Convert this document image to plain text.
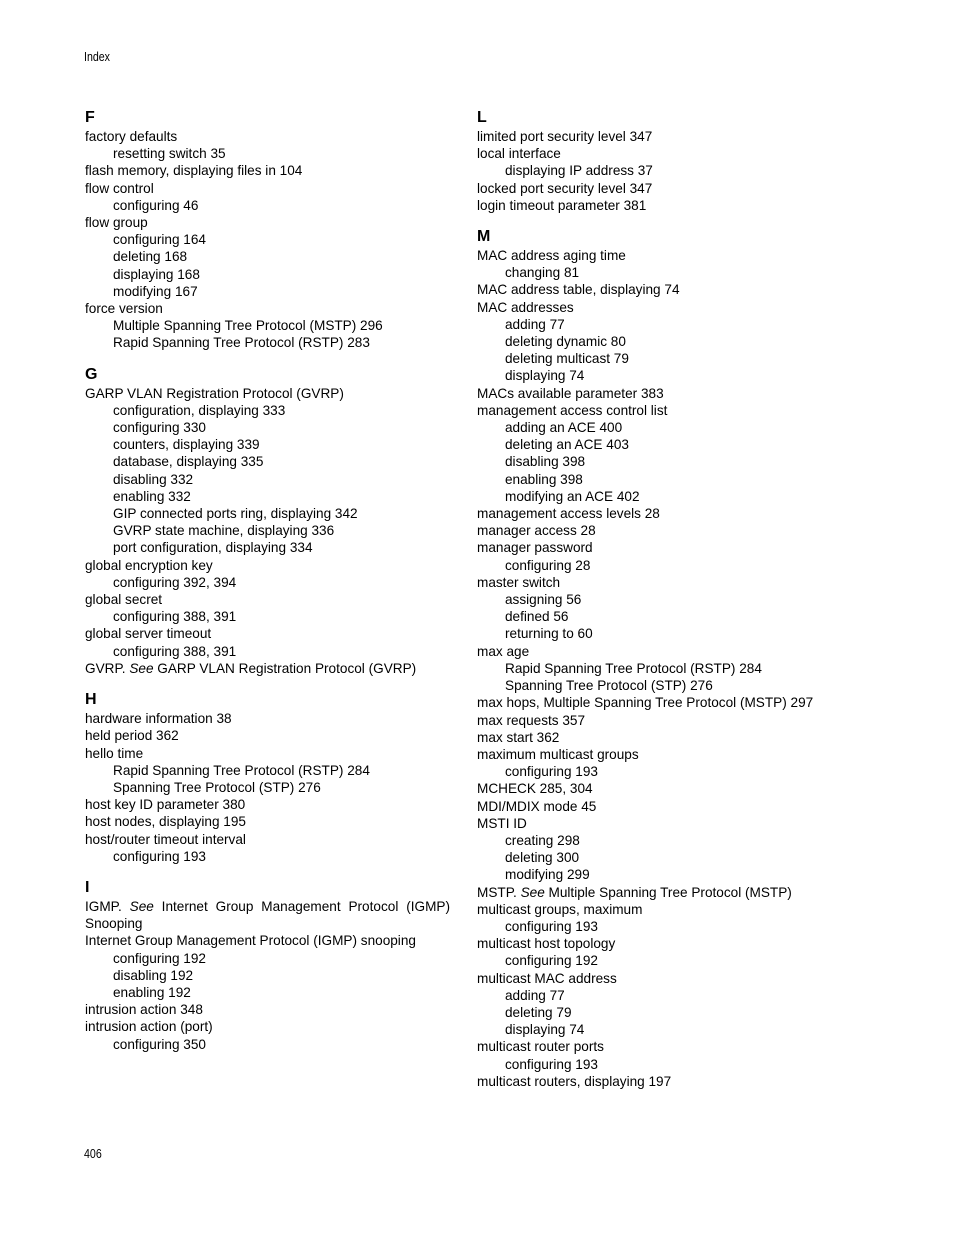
Index
F
factory defaults
resetting switch 35
flash memory, displaying files in 104
flow control
configuring 46
flow group
configuring 164
deleting 168
displaying 168
modifying 167
force version
Multiple Spanning Tree Protocol (MSTP) 296
Rapid Spanning Tree Protocol (RSTP) 283
G
GARP VLAN Registration Protocol (GVRP)
configuration, displaying 333
configuring 330
counters, displaying 339
database, displaying 335
disabling 332
enabling 332
GIP connected ports ring, displaying 342
GVRP state machine, displaying 336
port configuration, displaying 334
global encryption key
configuring 392, 394
global secret
configuring 388, 391
global server timeout
configuring 388, 391
GVRP. See GARP VLAN Registration Protocol (GVRP)
H
hardware information 38
held period 362
hello time
Rapid Spanning Tree Protocol (RSTP) 284
Spanning Tree Protocol (STP) 276
host key ID parameter 380
host nodes, displaying 195
host/router timeout interval
configuring 193
I
IGMP. See Internet Group Management Protocol (IGMP) Snooping
Internet Group Management Protocol (IGMP) snooping
configuring 192
disabling 192
enabling 192
intrusion action 348
intrusion action (port)
configuring 350
L
limited port security level 347
local interface
displaying IP address 37
locked port security level 347
login timeout parameter 381
M
MAC address aging time
changing 81
MAC address table, displaying 74
MAC addresses
adding 77
deleting dynamic 80
deleting multicast 79
displaying 74
MACs available parameter 383
management access control list
adding an ACE 400
deleting an ACE 403
disabling 398
enabling 398
modifying an ACE 402
management access levels 28
manager access 28
manager password
configuring 28
master switch
assigning 56
defined 56
returning to 60
max age
Rapid Spanning Tree Protocol (RSTP) 284
Spanning Tree Protocol (STP) 276
max hops, Multiple Spanning Tree Protocol (MSTP) 297
max requests 357
max start 362
maximum multicast groups
configuring 193
MCHECK 285, 304
MDI/MDIX mode 45
MSTI ID
creating 298
deleting 300
modifying 299
MSTP. See Multiple Spanning Tree Protocol (MSTP)
multicast groups, maximum
configuring 193
multicast host topology
configuring 192
multicast MAC address
adding 77
deleting 79
displaying 74
multicast router ports
configuring 193
multicast routers, displaying 197
406
